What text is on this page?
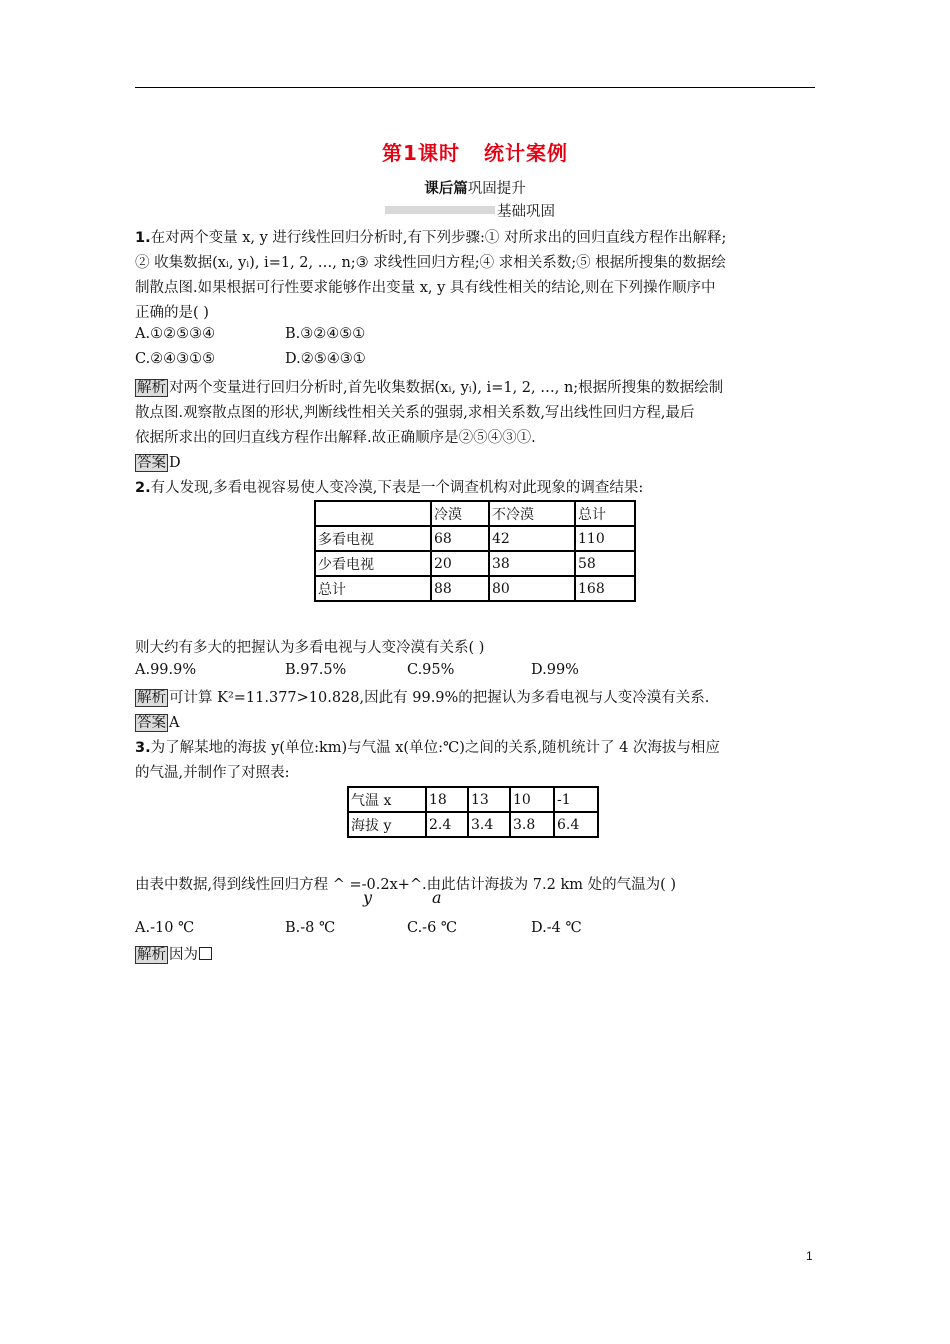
第1课时 统计案例
课后篇巩固提升
基础巩固
1.在对两个变量 x, y 进行线性回归分析时,有下列步骤:① 对所求出的回归直线方程作出解释;
② 收集数据(xᵢ, yᵢ), i=1, 2, …, n;③ 求线性回归方程;④ 求相关系数;⑤ 根据所搜集的数据绘
制散点图.如果根据可行性要求能够作出变量 x, y 具有线性相关的结论,则在下列操作顺序中
正确的是( )
A.①②⑤③④	B.③②④⑤①
C.②④③①⑤	D.②⑤④③①
解析 对两个变量进行回归分析时,首先收集数据(xᵢ, yᵢ), i=1, 2, …, n;根据所搜集的数据绘制
散点图.观察散点图的形状,判断线性相关关系的强弱,求相关系数,写出线性回归方程,最后
依据所求出的回归直线方程作出解释.故正确顺序是②⑤④③①.
答案 D
2.有人发现,多看电视容易使人变冷漠,下表是一个调查机构对此现象的调查结果:
	冷漠	不冷漠	总计
多看电视	68	42	110
少看电视	20	38	58
总计	88	80	168
则大约有多大的把握认为多看电视与人变冷漠有关系( )
A.99.9%	B.97.5%	C.95%	D.99%
解析 可计算 K²=11.377>10.828,因此有 99.9%的把握认为多看电视与人变冷漠有关系.
答案 A
3.为了解某地的海拔 y(单位:km)与气温 x(单位:℃)之间的关系,随机统计了 4 次海拔与相应
的气温,并制作了对照表:
气温 x	18	13	10	-1
海拔 y	2.4	3.4	3.8	6.4
由表中数据,得到线性回归方程 ^ =-0.2x+^.由此估计海拔为 7.2 km 处的气温为( )
y	a
A.-10 ℃	B.-8 ℃	C.-6 ℃	D.-4 ℃
解析 因为
1
